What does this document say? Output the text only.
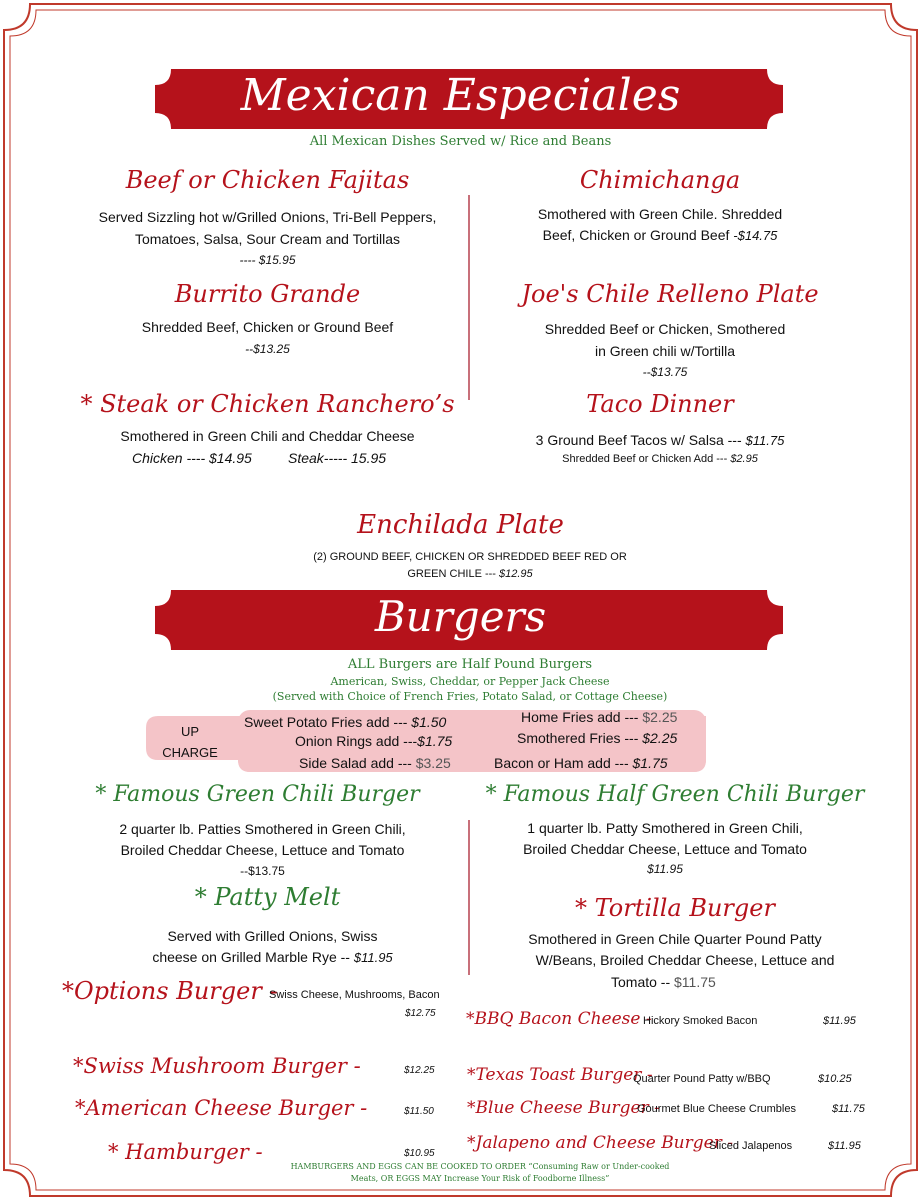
Mexican Especiales
All Mexican Dishes Served w/ Rice and Beans
Beef or Chicken Fajitas
Served Sizzling hot w/Grilled Onions, Tri-Bell Peppers,
Tomatoes, Salsa, Sour Cream and Tortillas
---- $15.95
Burrito Grande
Shredded Beef, Chicken or Ground Beef
--$13.25
* Steak or Chicken Ranchero’s
Smothered in Green Chili and Cheddar Cheese
Chicken ---- $14.95	Steak----- 15.95
Chimichanga
Smothered with Green Chile. Shredded
Beef, Chicken or Ground Beef -$14.75
Joe's Chile Relleno Plate
Shredded Beef or Chicken, Smothered
in Green chili w/Tortilla
--$13.75
Taco Dinner
3 Ground Beef Tacos w/ Salsa --- $11.75
Shredded Beef or Chicken Add --- $2.95
Enchilada Plate
(2) GROUND BEEF, CHICKEN OR SHREDDED BEEF RED OR
GREEN CHILE --- $12.95
Burgers
ALL Burgers are Half Pound Burgers
American, Swiss, Cheddar, or Pepper Jack Cheese
(Served with Choice of French Fries, Potato Salad, or Cottage Cheese)
UP
CHARGE
Sweet Potato Fries add --- $1.50
Onion Rings add ---$1.75
Side Salad add --- $3.25
Home Fries add --- $2.25
Smothered Fries --- $2.25
Bacon or Ham add --- $1.75
* Famous Green Chili Burger
2 quarter lb. Patties Smothered in Green Chili,
Broiled Cheddar Cheese, Lettuce and Tomato
--$13.75
* Patty Melt
Served with Grilled Onions, Swiss
cheese on Grilled Marble Rye -- $11.95
* Famous Half Green Chili Burger
1 quarter lb. Patty Smothered in Green Chili,
Broiled Cheddar Cheese, Lettuce and Tomato
$11.95
* Tortilla Burger
Smothered in Green Chile Quarter Pound Patty
W/Beans, Broiled Cheddar Cheese, Lettuce and
Tomato -- $11.75
*Options Burger -
Swiss Cheese, Mushrooms, Bacon
$12.75
*Swiss Mushroom Burger -	$12.25
*American Cheese Burger -	$11.50
* Hamburger -	$10.95
*BBQ Bacon Cheese -
Hickory Smoked Bacon	$11.95
*Texas Toast Burger -
Quarter Pound Patty w/BBQ	$10.25
*Blue Cheese Burger -
Gourmet Blue Cheese Crumbles	$11.75
*Jalapeno and Cheese Burger -
Sliced Jalapenos	$11.95
HAMBURGERS AND EGGS CAN BE COOKED TO ORDER “Consuming Raw or Under-cooked
Meats, OR EGGS MAY Increase Your Risk of Foodborne Illness”
